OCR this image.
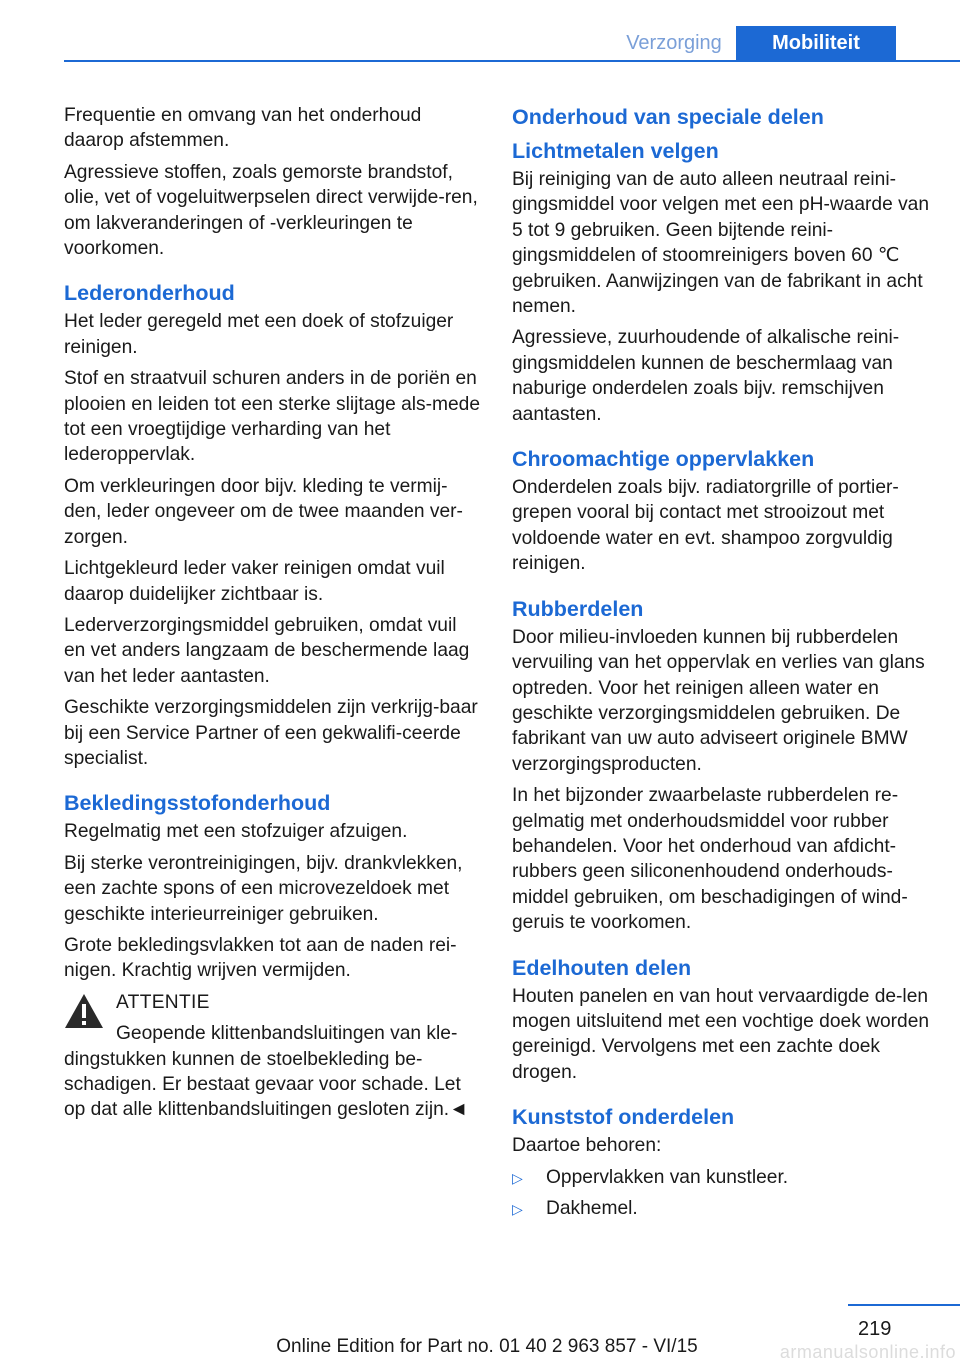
Verzorging	Mobiliteit

Frequentie en omvang van het onderhoud daarop afstemmen.

Agressieve stoffen, zoals gemorste brandstof, olie, vet of vogeluitwerpselen direct verwijde-ren, om lakveranderingen of -verkleuringen te voorkomen.

Lederonderhoud

Het leder geregeld met een doek of stofzuiger reinigen.

Stof en straatvuil schuren anders in de poriën en plooien en leiden tot een sterke slijtage als-mede tot een vroegtijdige verharding van het lederoppervlak.

Om verkleuringen door bijv. kleding te vermij-den, leder ongeveer om de twee maanden ver-zorgen.

Lichtgekleurd leder vaker reinigen omdat vuil daarop duidelijker zichtbaar is.

Lederverzorgingsmiddel gebruiken, omdat vuil en vet anders langzaam de beschermende laag van het leder aantasten.

Geschikte verzorgingsmiddelen zijn verkrijg-baar bij een Service Partner of een gekwalifi-ceerde specialist.

Bekledingsstofonderhoud

Regelmatig met een stofzuiger afzuigen.

Bij sterke verontreinigingen, bijv. drankvlekken, een zachte spons of een microvezeldoek met geschikte interieurreiniger gebruiken.

Grote bekledingsvlakken tot aan de naden rei-nigen. Krachtig wrijven vermijden.

ATTENTIE
Geopende klittenbandsluitingen van kle-
dingstukken kunnen de stoelbekleding be-schadigen. Er bestaat gevaar voor schade. Let op dat alle klittenbandsluitingen gesloten zijn.◄
Onderhoud van speciale delen
Lichtmetalen velgen

Bij reiniging van de auto alleen neutraal reini-gingsmiddel voor velgen met een pH-waarde van 5 tot 9 gebruiken. Geen bijtende reini-gingsmiddelen of stoomreinigers boven 60 ℃ gebruiken. Aanwijzingen van de fabrikant in acht nemen.

Agressieve, zuurhoudende of alkalische reini-gingsmiddelen kunnen de beschermlaag van naburige onderdelen zoals bijv. remschijven aantasten.

Chroomachtige oppervlakken

Onderdelen zoals bijv. radiatorgrille of portier-grepen vooral bij contact met strooizout met voldoende water en evt. shampoo zorgvuldig reinigen.

Rubberdelen

Door milieu-invloeden kunnen bij rubberdelen vervuiling van het oppervlak en verlies van glans optreden. Voor het reinigen alleen water en geschikte verzorgingsmiddelen gebruiken. De fabrikant van uw auto adviseert originele BMW verzorgingsproducten.

In het bijzonder zwaarbelaste rubberdelen re-gelmatig met onderhoudsmiddel voor rubber behandelen. Voor het onderhoud van afdicht-rubbers geen siliconenhoudend onderhouds-middel gebruiken, om beschadigingen of wind-geruis te voorkomen.

Edelhouten delen

Houten panelen en van hout vervaardigde de-len mogen uitsluitend met een vochtige doek worden gereinigd. Vervolgens met een zachte doek drogen.

Kunststof onderdelen

Daartoe behoren:

▷ Oppervlakken van kunstleer.
▷ Dakhemel.
219
Online Edition for Part no. 01 40 2 963 857 - VI/15	armanualsonline.info
